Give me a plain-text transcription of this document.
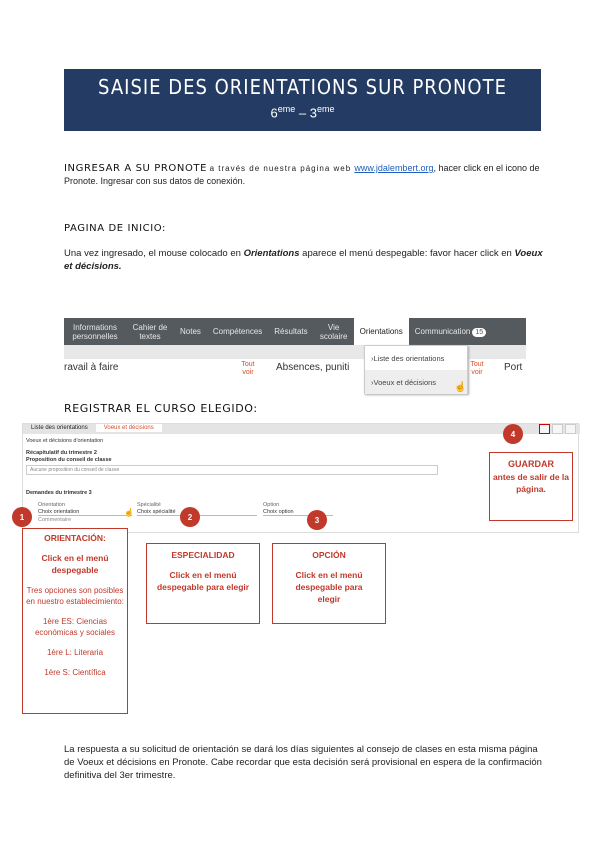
SAISIE DES ORIENTATIONS SUR PRONOTE
6eme – 3eme
INGRESAR A SU PRONOTE a través de nuestra página web www.jdalembert.org, hacer click en el icono de Pronote. Ingresar con sus datos de conexión.
PAGINA DE INICIO:
Una vez ingresado, el mouse colocado en Orientations aparece el menú despegable: favor hacer click en Voeux et décisions.
Informations personnelles
Cahier de textes	Notes	Compétences	Résultats	Vie scolaire	Orientations	Communication 15
ravail à faire	Tout voir	Absences, puniti	Tout voir	Port
› Liste des orientations
› Voeux et décisions ☝
REGISTRAR EL CURSO ELEGIDO:
Liste des orientations	Voeux et décisions
Voeux et décisions d'orientation
Récapitulatif du trimestre 2
Proposition du conseil de classe
Aucune proposition du conseil de classe
Demandes du trimestre 3
Orientation	Spécialité	Option
Choix orientation	Choix spécialité	Choix option
Commentaire
☝
1	2	3
4
GUARDAR
antes de salir de la página.
ORIENTACIÓN:
Click en el menú despegable
Tres opciones son posibles en nuestro establecimiento:
1ère ES: Ciencias económicas y sociales
1ère L: Literaria
1ère S: Científica
ESPECIALIDAD
Click en el menú despegable para elegir
OPCIÓN
Click en el menú despegable para elegir
La respuesta a su solicitud de orientación se dará los días siguientes al consejo de clases en esta misma página de Voeux et décisions en Pronote. Cabe recordar que esta decisión será provisional en espera de la confirmación definitiva del 3er trimestre.
